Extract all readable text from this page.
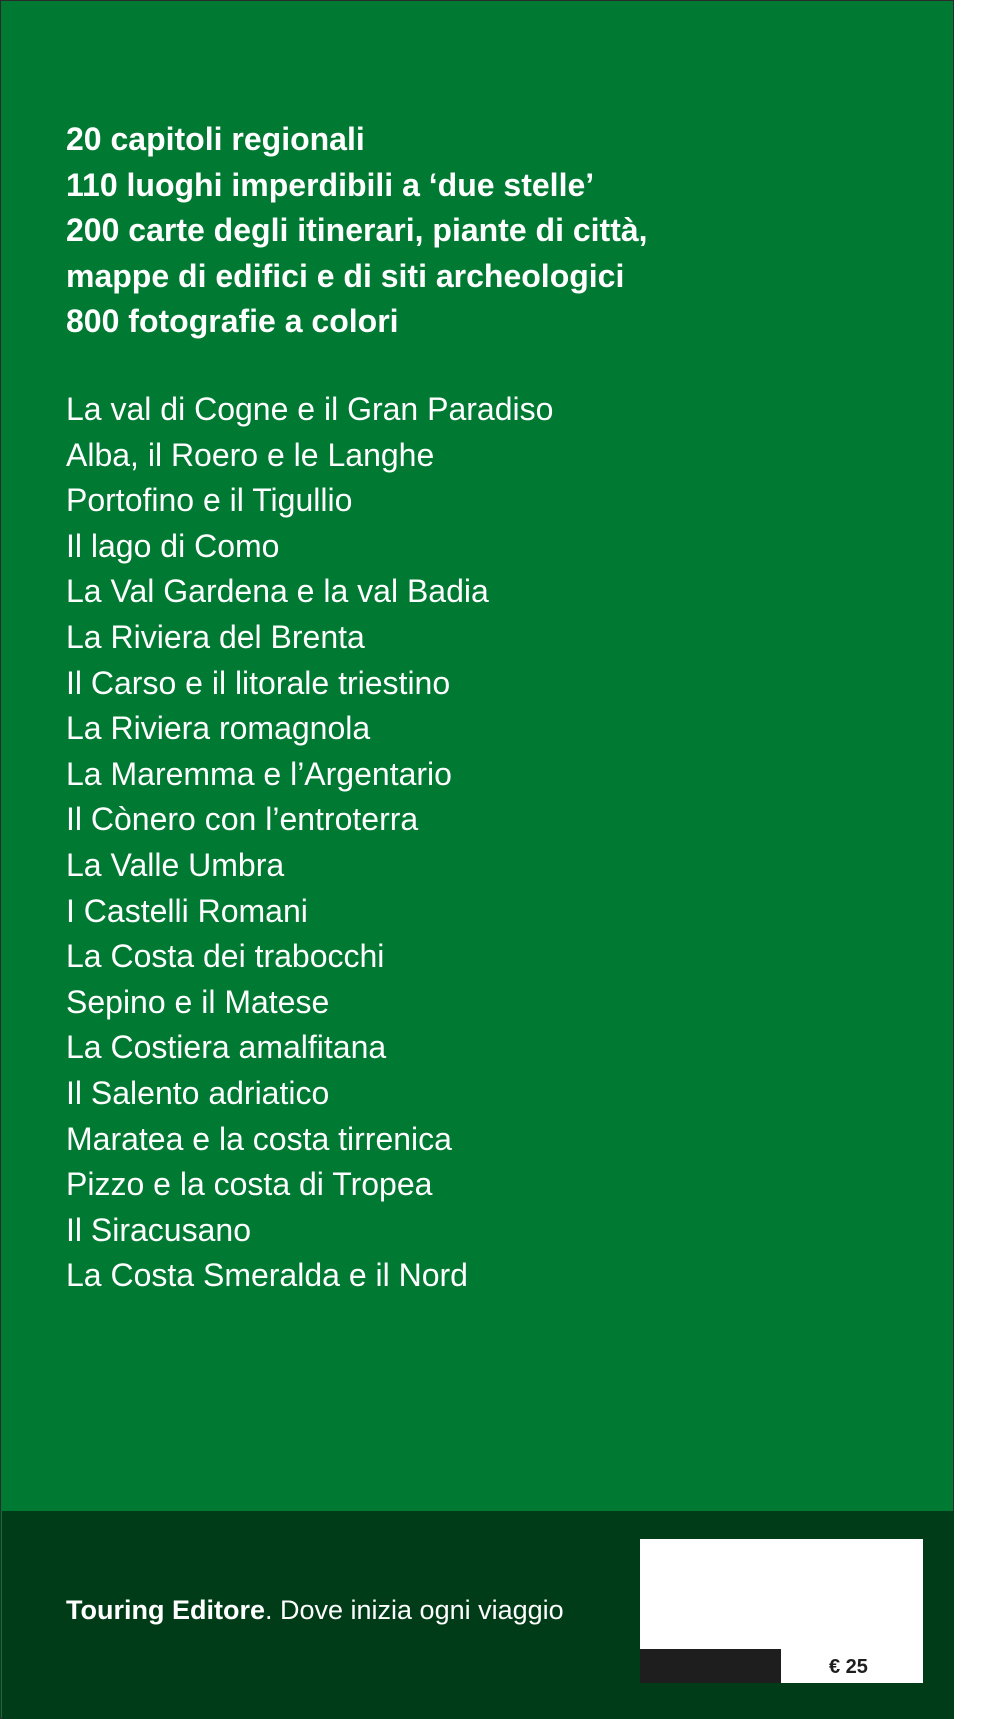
20 capitoli regionali
110 luoghi imperdibili a ‘due stelle’
200 carte degli itinerari, piante di città,
mappe di edifici e di siti archeologici
800 fotografie a colori
La val di Cogne e il Gran Paradiso
Alba, il Roero e le Langhe
Portofino e il Tigullio
Il lago di Como
La Val Gardena e la val Badia
La Riviera del Brenta
Il Carso e il litorale triestino
La Riviera romagnola
La Maremma e l’Argentario
Il Cònero con l’entroterra
La Valle Umbra
I Castelli Romani
La Costa dei trabocchi
Sepino e il Matese
La Costiera amalfitana
Il Salento adriatico
Maratea e la costa tirrenica
Pizzo e la costa di Tropea
Il Siracusano
La Costa Smeralda e il Nord
Touring Editore. Dove inizia ogni viaggio
€ 25
